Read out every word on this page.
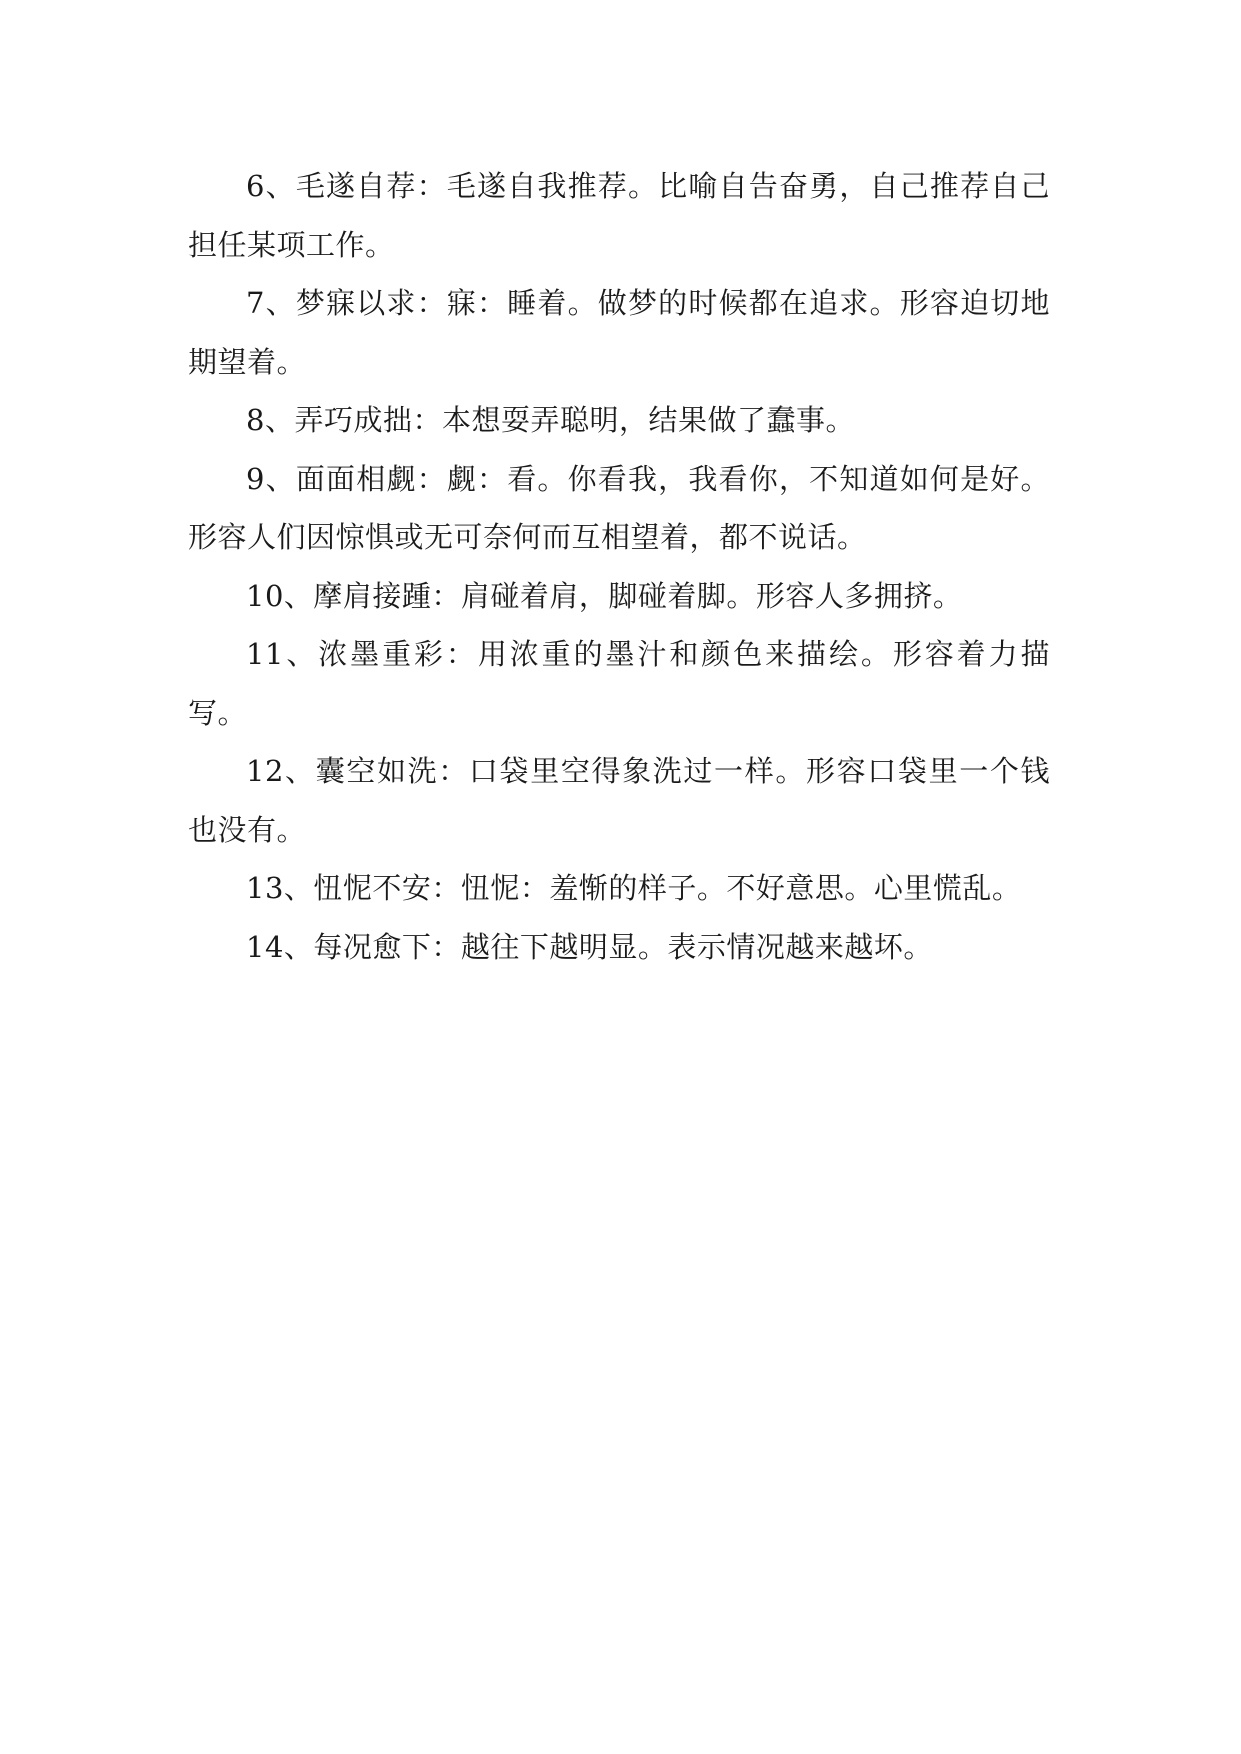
6、毛遂自荐：毛遂自我推荐。比喻自告奋勇，自己推荐自己担任某项工作。

7、梦寐以求：寐：睡着。做梦的时候都在追求。形容迫切地期望着。

8、弄巧成拙：本想耍弄聪明，结果做了蠢事。

9、面面相觑：觑：看。你看我，我看你，不知道如何是好。形容人们因惊惧或无可奈何而互相望着，都不说话。

10、摩肩接踵：肩碰着肩，脚碰着脚。形容人多拥挤。

11、浓墨重彩：用浓重的墨汁和颜色来描绘。形容着力描写。

12、囊空如洗：口袋里空得象洗过一样。形容口袋里一个钱也没有。

13、忸怩不安：忸怩：羞惭的样子。不好意思。心里慌乱。

14、每况愈下：越往下越明显。表示情况越来越坏。
